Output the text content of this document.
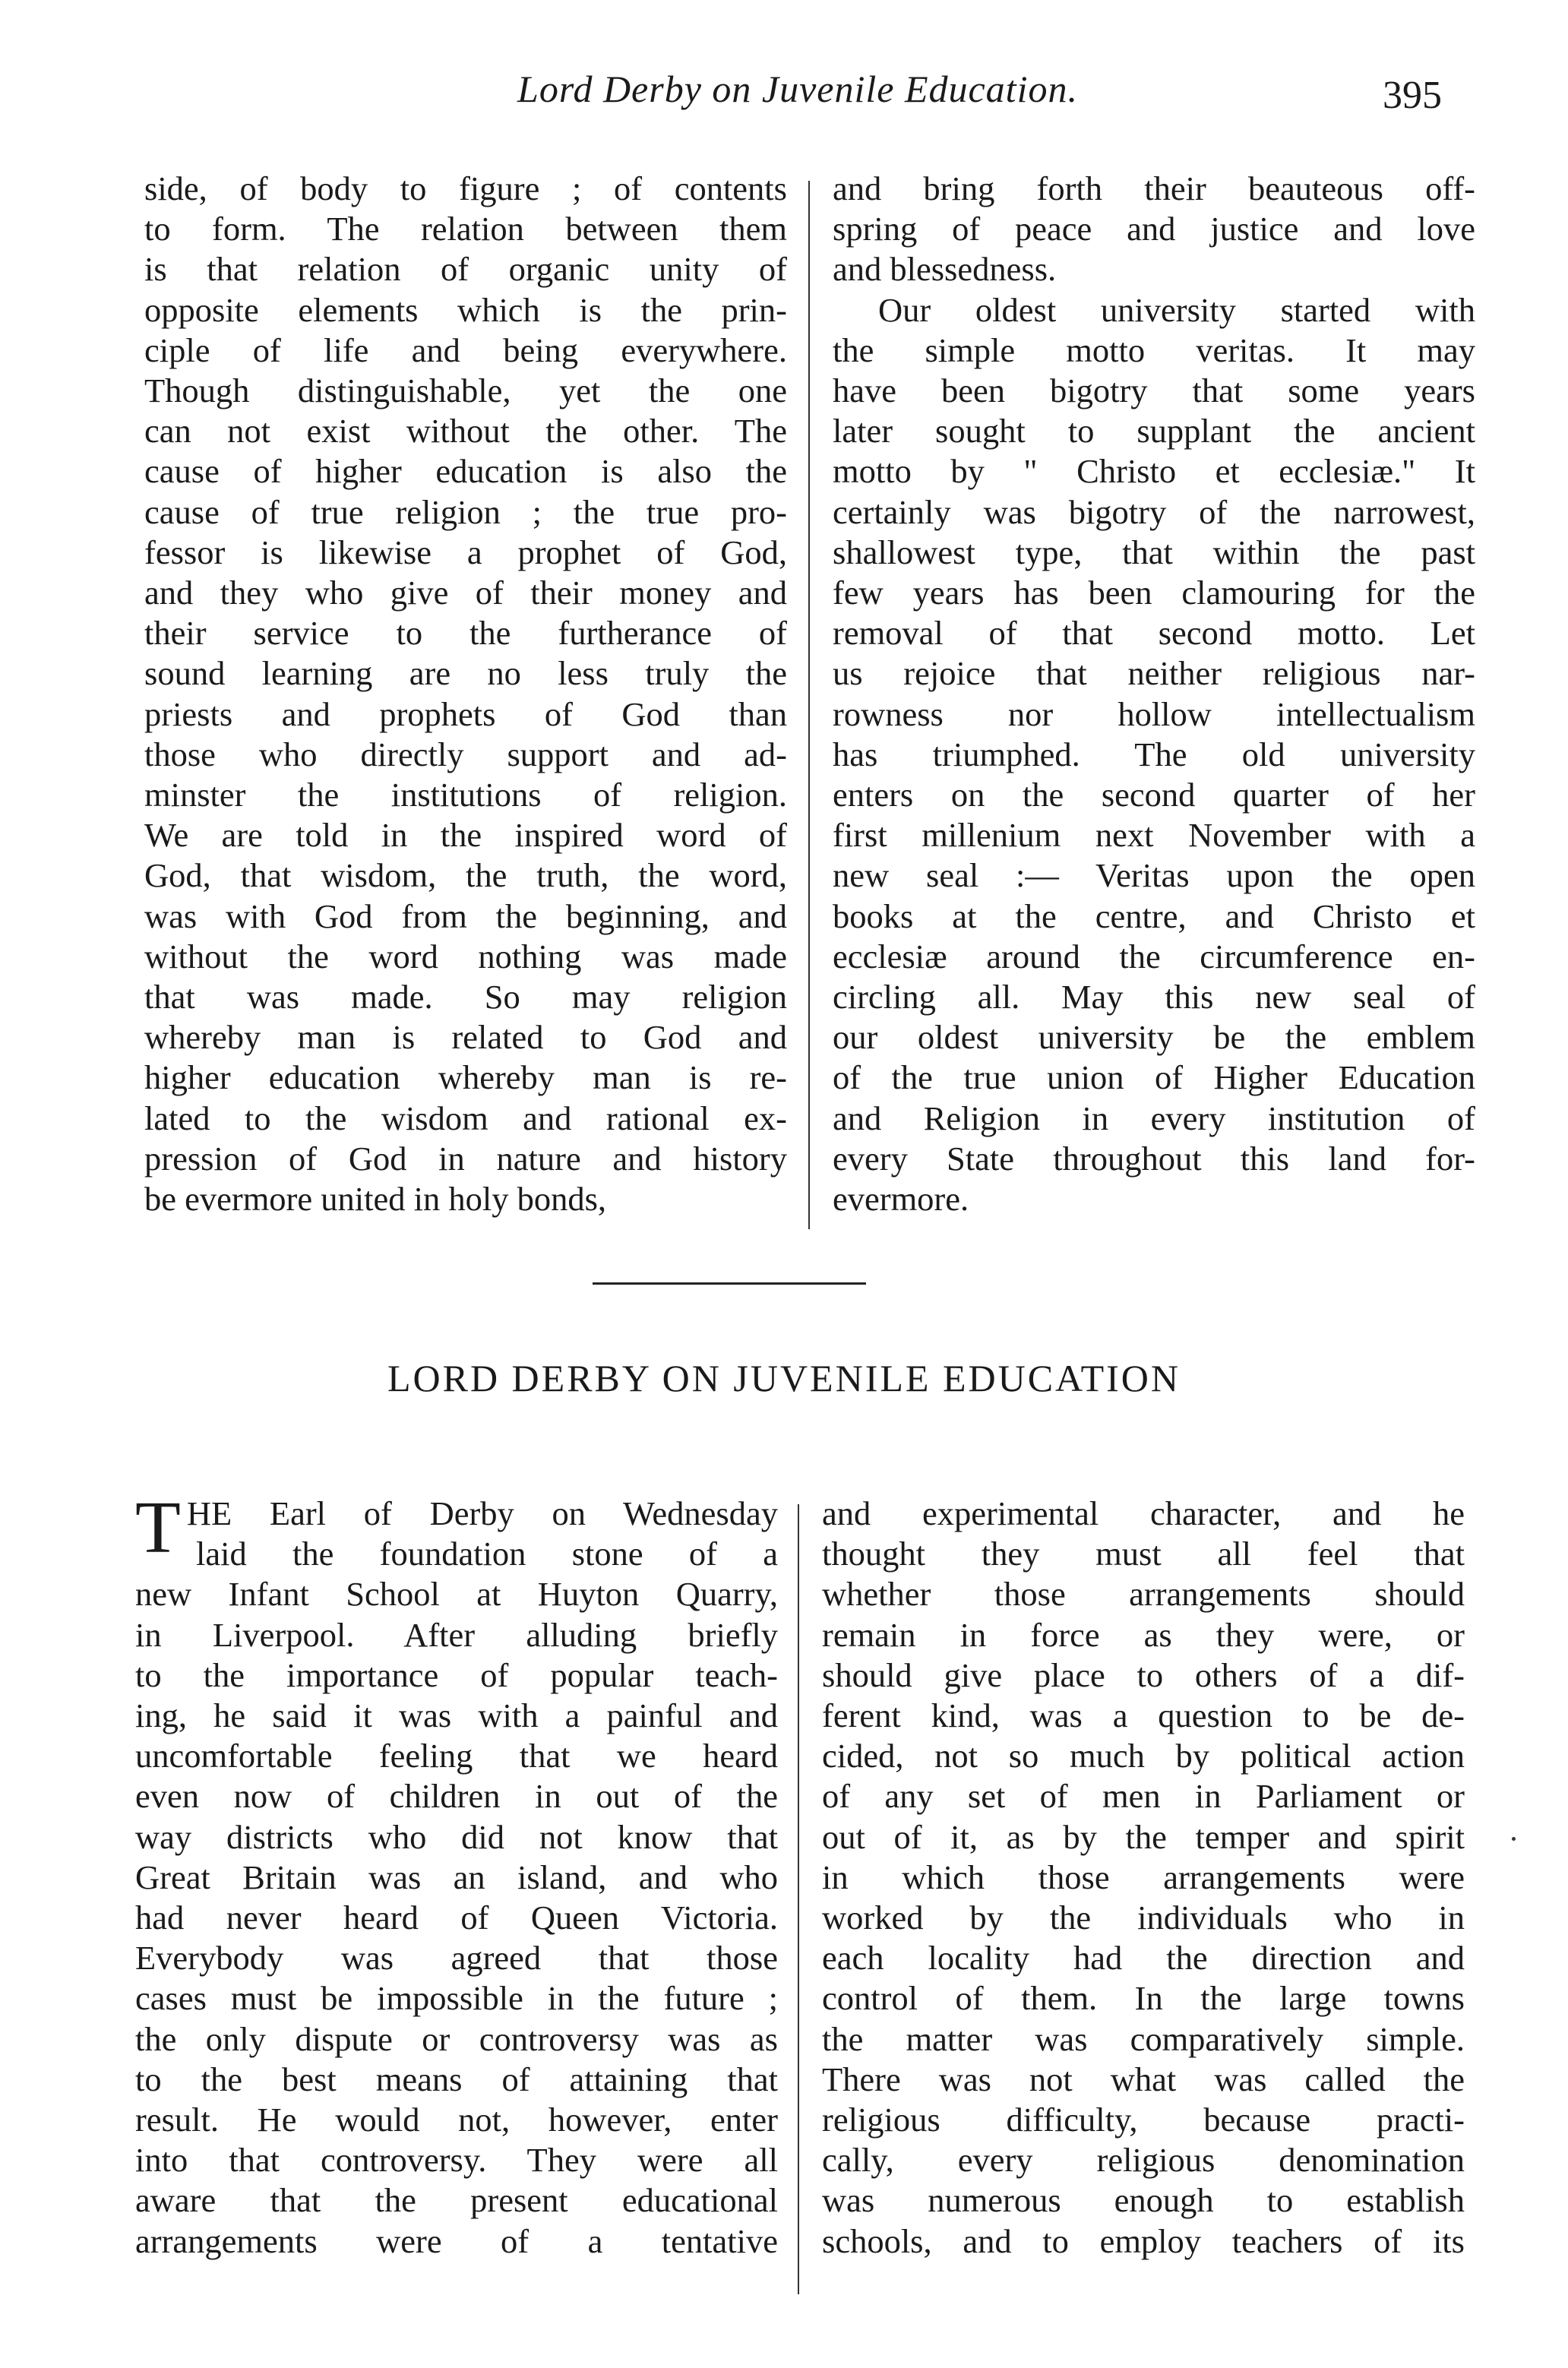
Lord Derby on Juvenile Education.	395

side, of body to figure ; of contents

to form. The relation between them

is that relation of organic unity of

opposite elements which is the prin-

ciple of life and being everywhere.

Though distinguishable, yet the one

can not exist without the other. The

cause of higher education is also the

cause of true religion ; the true pro-

fessor is likewise a prophet of God,

and they who give of their money and

their service to the furtherance of

sound learning are no less truly the

priests and prophets of God than

those who directly support and ad-

minster the institutions of religion.

We are told in the inspired word of

God, that wisdom, the truth, the word,

was with God from the beginning, and

without the word nothing was made

that was made. So may religion

whereby man is related to God and

higher education whereby man is re-

lated to the wisdom and rational ex-

pression of God in nature and history

be evermore united in holy bonds,

and bring forth their beauteous off-

spring of peace and justice and love

and blessedness.

Our oldest university started with

the simple motto veritas. It may

have been bigotry that some years

later sought to supplant the ancient

motto by " Christo et ecclesiæ." It

certainly was bigotry of the narrowest,

shallowest type, that within the past

few years has been clamouring for the

removal of that second motto. Let

us rejoice that neither religious nar-

rowness nor hollow intellectualism

has triumphed. The old university

enters on the second quarter of her

first millenium next November with a

new seal :— Veritas upon the open

books at the centre, and Christo et

ecclesiæ around the circumference en-

circling all. May this new seal of

our oldest university be the emblem

of the true union of Higher Education

and Religion in every institution of

every State throughout this land for-

evermore.

LORD DERBY ON JUVENILE EDUCATION
T HE Earl of Derby on Wednesday

laid the foundation stone of a

new Infant School at Huyton Quarry,

in Liverpool. After alluding briefly

to the importance of popular teach-

ing, he said it was with a painful and

uncomfortable feeling that we heard

even now of children in out of the

way districts who did not know that

Great Britain was an island, and who

had never heard of Queen Victoria.

Everybody was agreed that those

cases must be impossible in the future ;

the only dispute or controversy was as

to the best means of attaining that

result. He would not, however, enter

into that controversy. They were all

aware that the present educational

arrangements were of a tentative

and experimental character, and he

thought they must all feel that

whether those arrangements should

remain in force as they were, or

should give place to others of a dif-

ferent kind, was a question to be de-

cided, not so much by political action

of any set of men in Parliament or

out of it, as by the temper and spirit

in which those arrangements were

worked by the individuals who in

each locality had the direction and

control of them. In the large towns

the matter was comparatively simple.

There was not what was called the

religious difficulty, because practi-

cally, every religious denomination

was numerous enough to establish

schools, and to employ teachers of its
